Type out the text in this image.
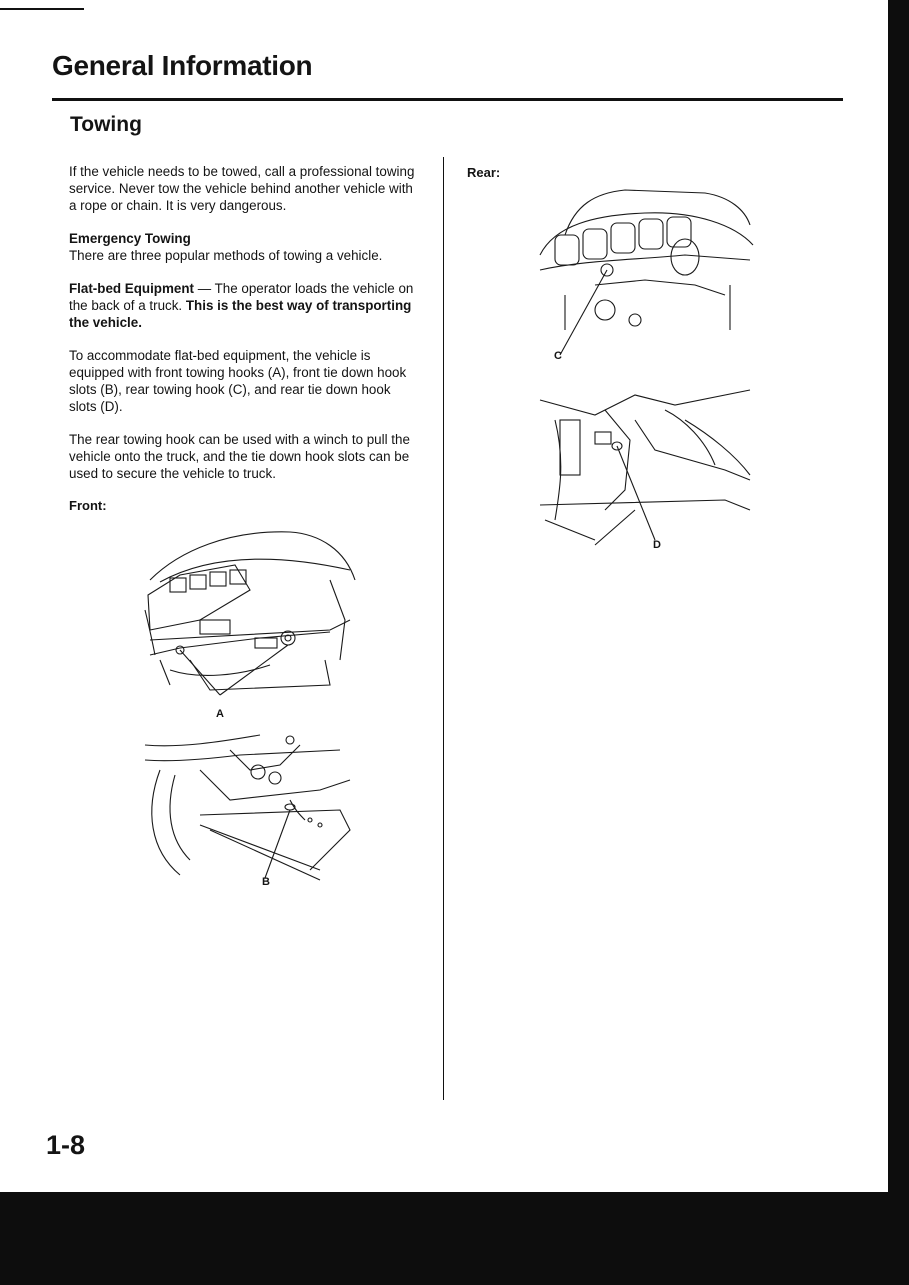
General Information
Towing

If the vehicle needs to be towed, call a professional towing service. Never tow the vehicle behind another vehicle with a rope or chain. It is very dangerous.

Emergency Towing
There are three popular methods of towing a vehicle.

Flat-bed Equipment — The operator loads the vehicle on the back of a truck. This is the best way of transporting the vehicle.

To accommodate flat-bed equipment, the vehicle is equipped with front towing hooks (A), front tie down hook slots (B), rear towing hook (C), and rear tie down hook slots (D).

The rear towing hook can be used with a winch to pull the vehicle onto the truck, and the tie down hook slots can be used to secure the vehicle to truck.

Front:
Rear:
A
B
C
D
1-8
